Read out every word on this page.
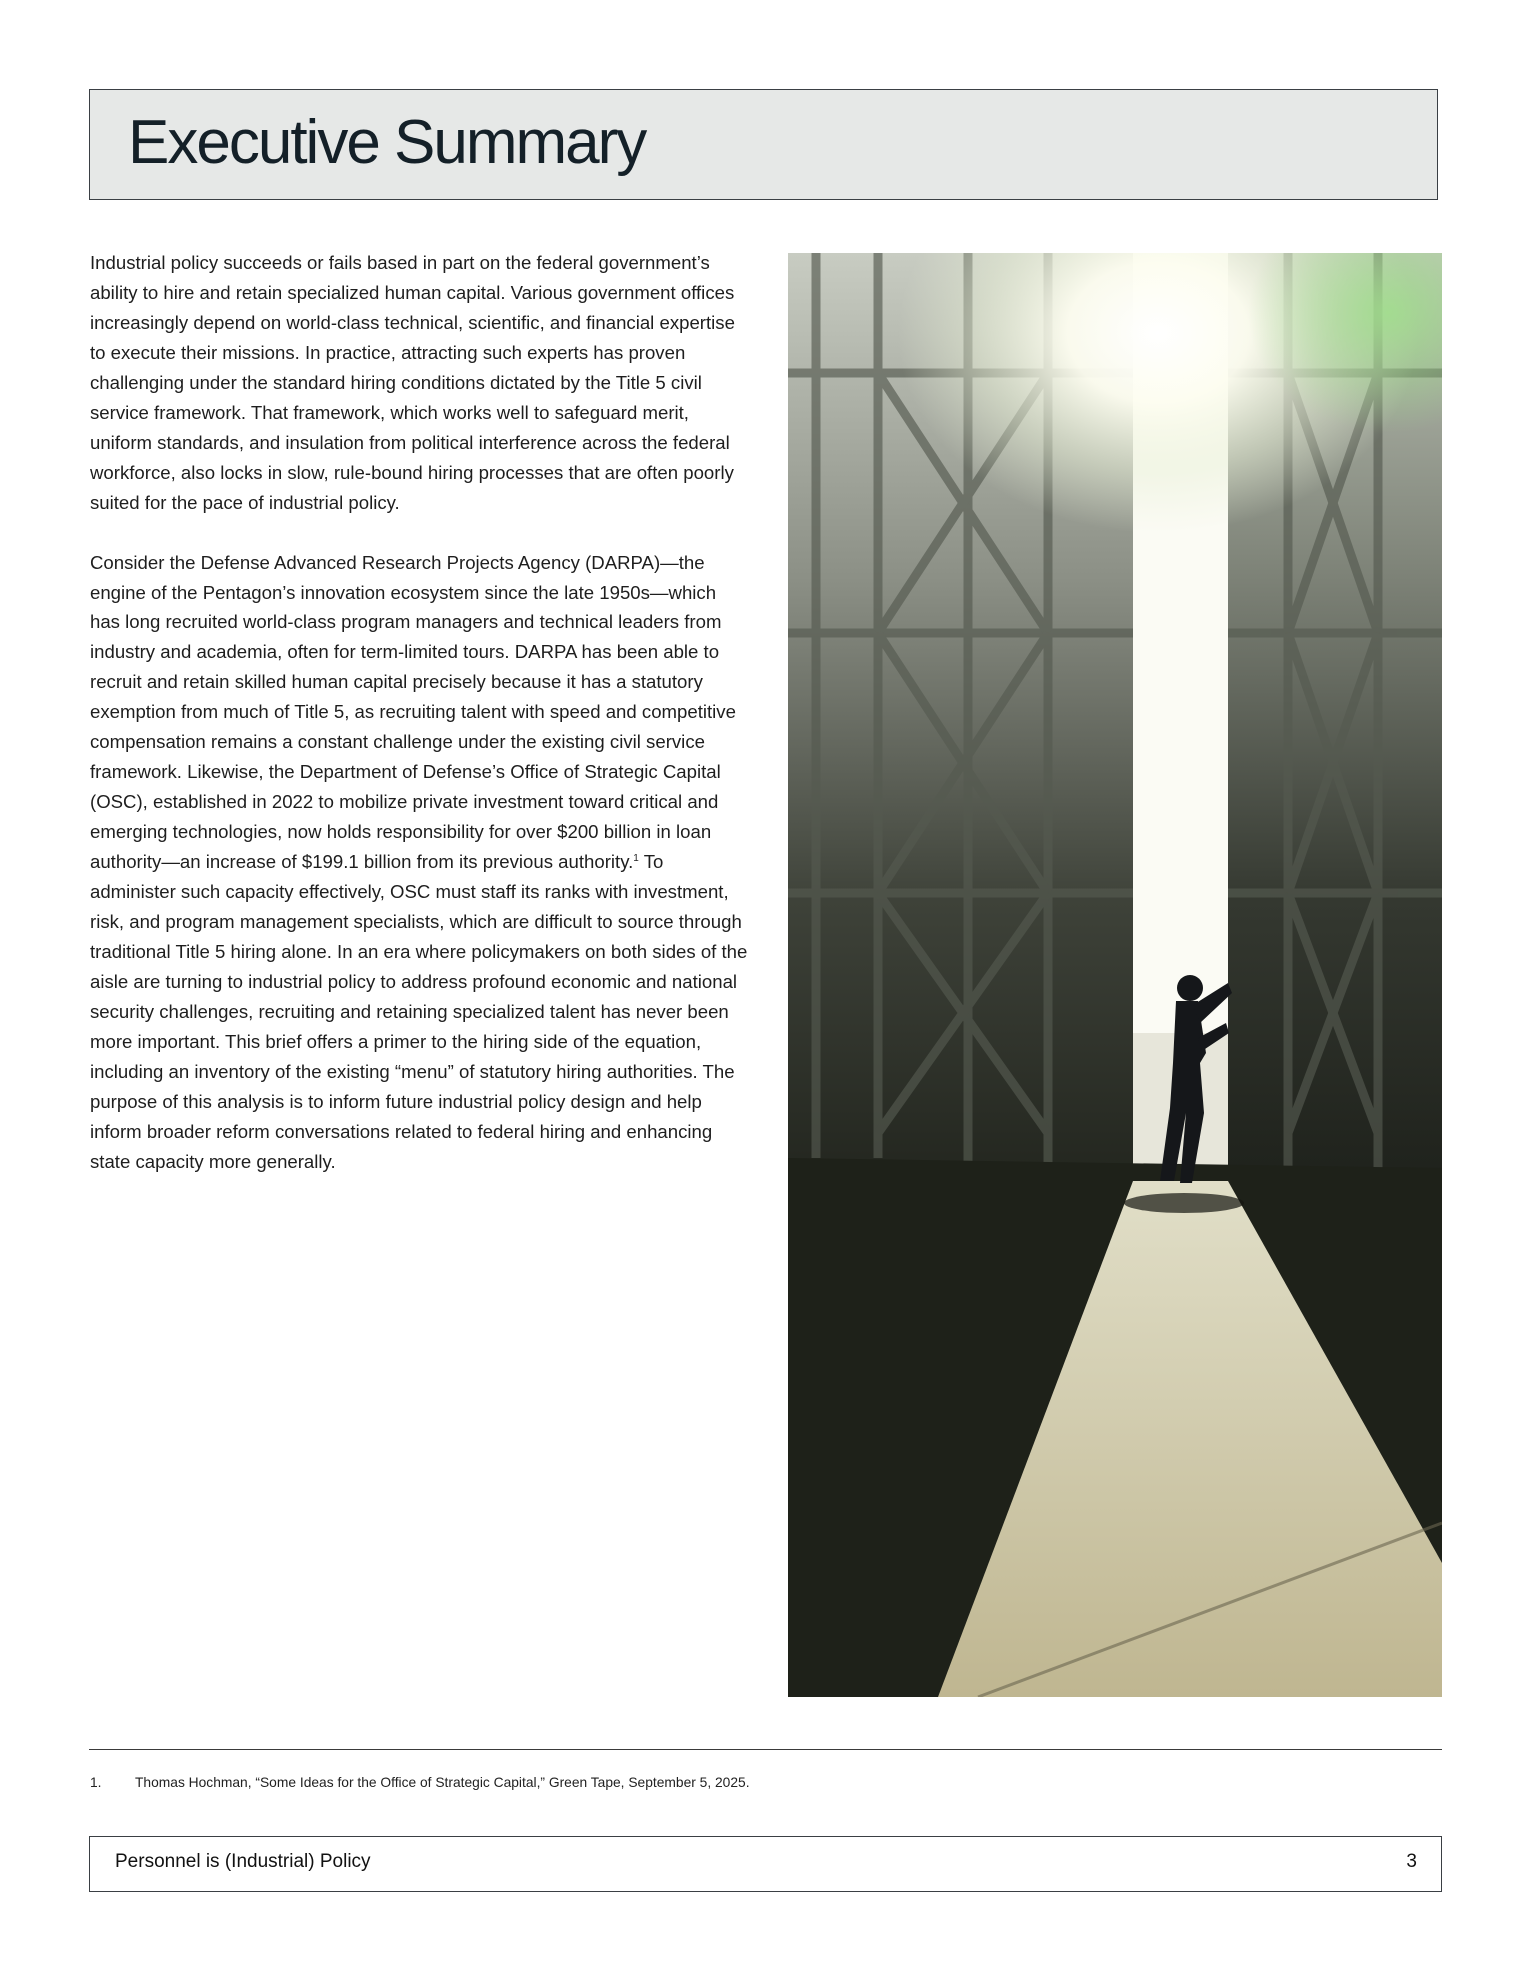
Executive Summary

Industrial policy succeeds or fails based in part on the federal government’s ability to hire and retain specialized human capital. Various government offices increasingly depend on world-class technical, scientific, and financial expertise to execute their missions. In practice, attracting such experts has proven challenging under the standard hiring conditions dictated by the Title 5 civil service framework. That framework, which works well to safeguard merit, uniform standards, and insulation from political interference across the federal workforce, also locks in slow, rule-bound hiring processes that are often poorly suited for the pace of industrial policy.

Consider the Defense Advanced Research Projects Agency (DARPA)—the engine of the Pentagon’s innovation ecosystem since the late 1950s—which has long recruited world-class program managers and technical leaders from industry and academia, often for term-limited tours. DARPA has been able to recruit and retain skilled human capital precisely because it has a statutory exemption from much of Title 5, as recruiting talent with speed and competitive compensation remains a constant challenge under the existing civil service framework. Likewise, the Department of Defense’s Office of Strategic Capital (OSC), established in 2022 to mobilize private investment toward critical and emerging technologies, now holds responsibility for over $200 billion in loan authority—an increase of $199.1 billion from its previous authority.$^1$ To administer such capacity effectively, OSC must staff its ranks with investment, risk, and program management specialists, which are difficult to source through traditional Title 5 hiring alone. In an era where policymakers on both sides of the aisle are turning to industrial policy to address profound economic and national security challenges, recruiting and retaining specialized talent has never been more important. This brief offers a primer to the hiring side of the equation, including an inventory of the existing “menu” of statutory hiring authorities. The purpose of this analysis is to inform future industrial policy design and help inform broader reform conversations related to federal hiring and enhancing state capacity more generally.

1. Thomas Hochman, “Some Ideas for the Office of Strategic Capital,” Green Tape, September 5, 2025.
Personnel is (Industrial) Policy	3
